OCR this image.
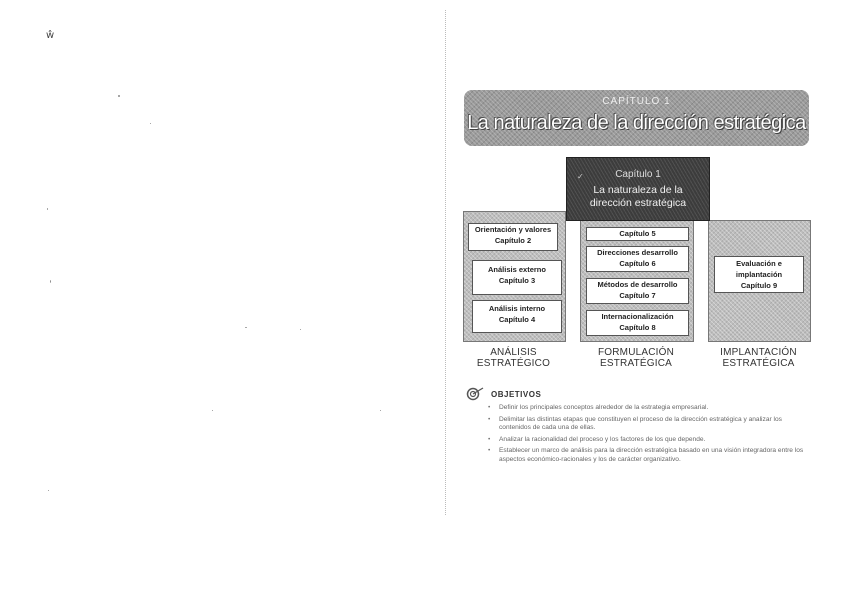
ŵ
CAPÍTULO 1
La naturaleza de la dirección estratégica
✓	Capítulo 1
La naturaleza de la
dirección estratégica
Orientación y valores
Capítulo 2
Análisis externo
Capítulo 3
Análisis interno
Capítulo 4
Capítulo 5
Direcciones desarrollo
Capítulo 6
Métodos de desarrollo
Capítulo 7
Internacionalización
Capítulo 8
Evaluación e
implantación
Capítulo 9
ANÁLISIS
ESTRATÉGICO
FORMULACIÓN
ESTRATÉGICA
IMPLANTACIÓN
ESTRATÉGICA
OBJETIVOS
• Definir los principales conceptos alrededor de la estrategia empresarial.
• Delimitar las distintas etapas que constituyen el proceso de la dirección estratégica y analizar los contenidos de cada una de ellas.
• Analizar la racionalidad del proceso y los factores de los que depende.
• Establecer un marco de análisis para la dirección estratégica basado en una visión integradora entre los aspectos económico-racionales y los de carácter organizativo.
